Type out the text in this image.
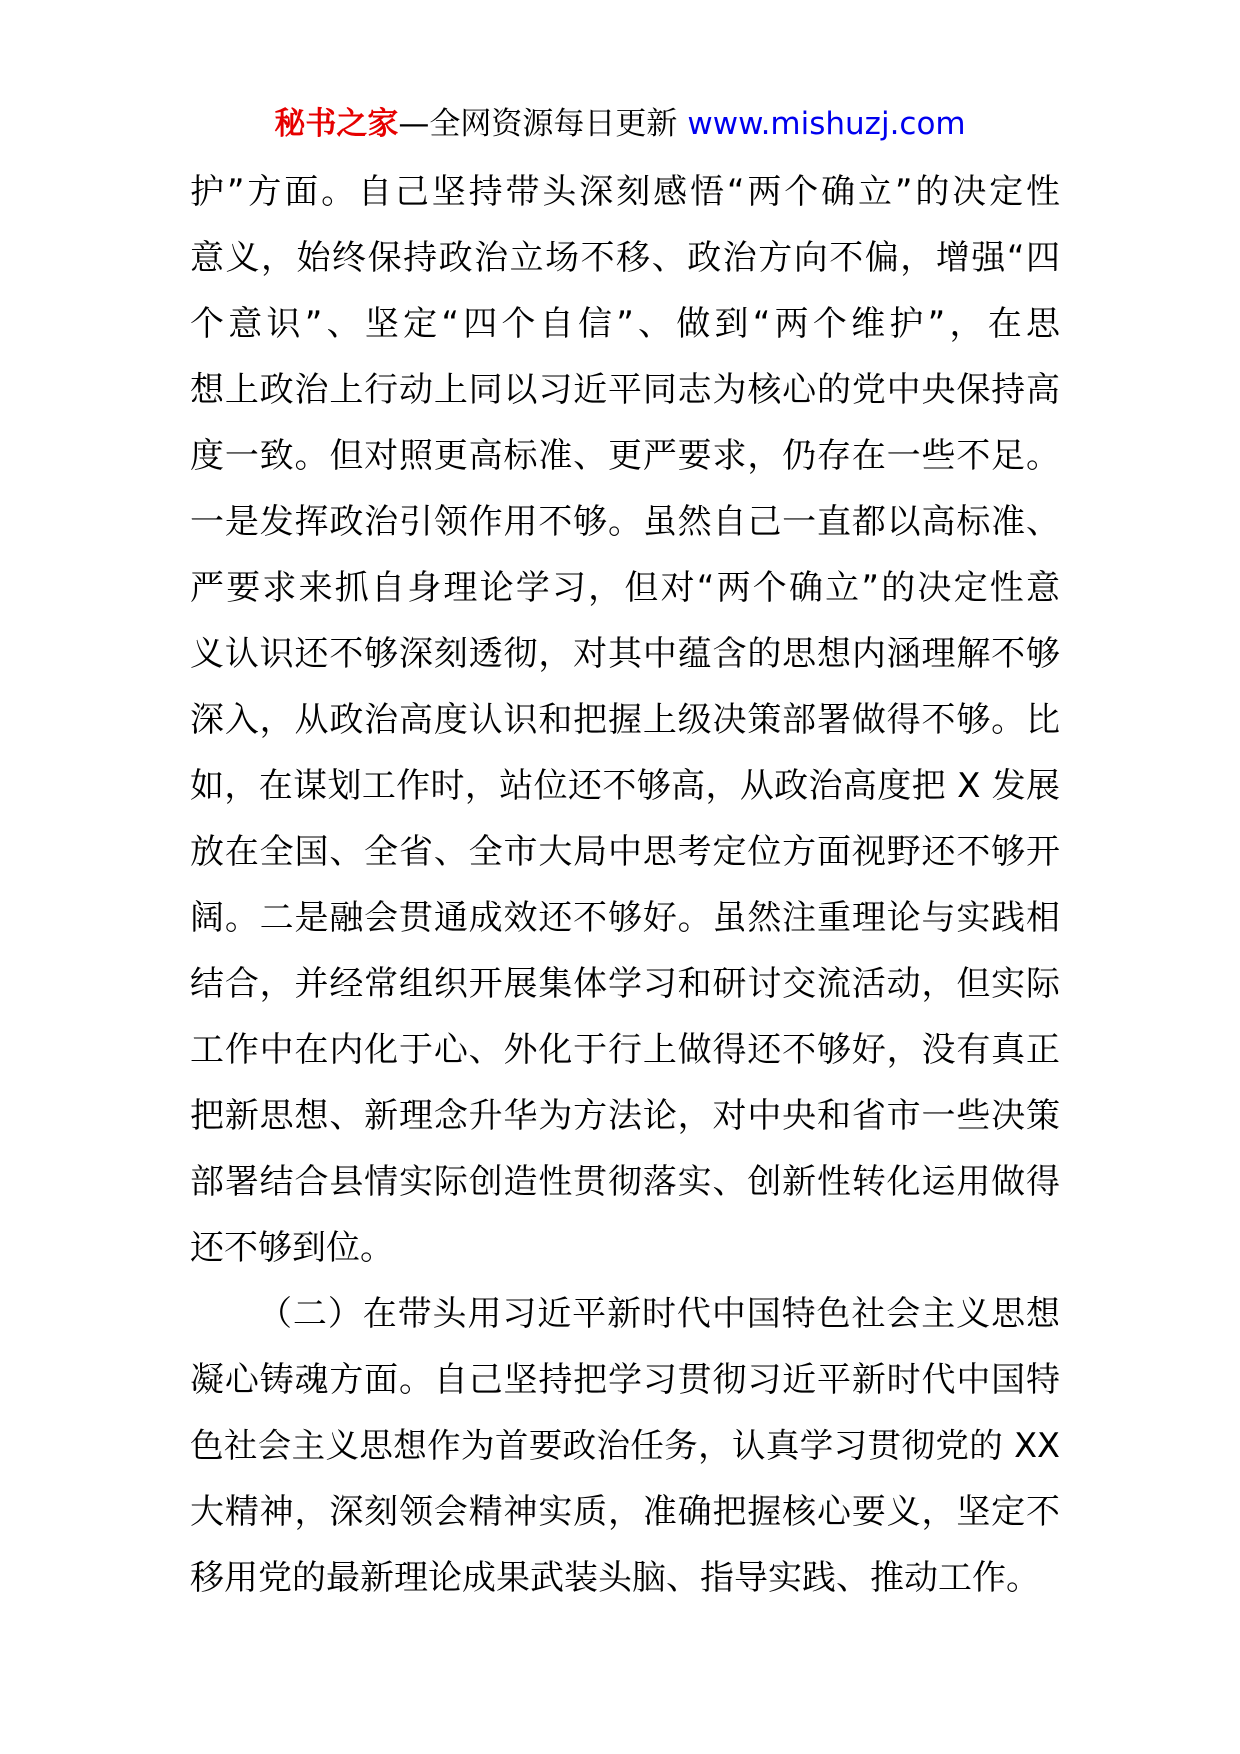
秘书之家—全网资源每日更新 www.mishuzj.com
护”方面。自己坚持带头深刻感悟“两个确立”的决定性
意义，始终保持政治立场不移、政治方向不偏，增强“四
个意识”、坚定“四个自信”、做到“两个维护”，在思
想上政治上行动上同以习近平同志为核心的党中央保持高
度一致。但对照更高标准、更严要求，仍存在一些不足。
一是发挥政治引领作用不够。虽然自己一直都以高标准、
严要求来抓自身理论学习，但对“两个确立”的决定性意
义认识还不够深刻透彻，对其中蕴含的思想内涵理解不够
深入，从政治高度认识和把握上级决策部署做得不够。比
如，在谋划工作时，站位还不够高，从政治高度把 X 发展
放在全国、全省、全市大局中思考定位方面视野还不够开
阔。二是融会贯通成效还不够好。虽然注重理论与实践相
结合，并经常组织开展集体学习和研讨交流活动，但实际
工作中在内化于心、外化于行上做得还不够好，没有真正
把新思想、新理念升华为方法论，对中央和省市一些决策
部署结合县情实际创造性贯彻落实、创新性转化运用做得
还不够到位。
（二）在带头用习近平新时代中国特色社会主义思想
凝心铸魂方面。自己坚持把学习贯彻习近平新时代中国特
色社会主义思想作为首要政治任务，认真学习贯彻党的 XX
大精神，深刻领会精神实质，准确把握核心要义，坚定不
移用党的最新理论成果武装头脑、指导实践、推动工作。
